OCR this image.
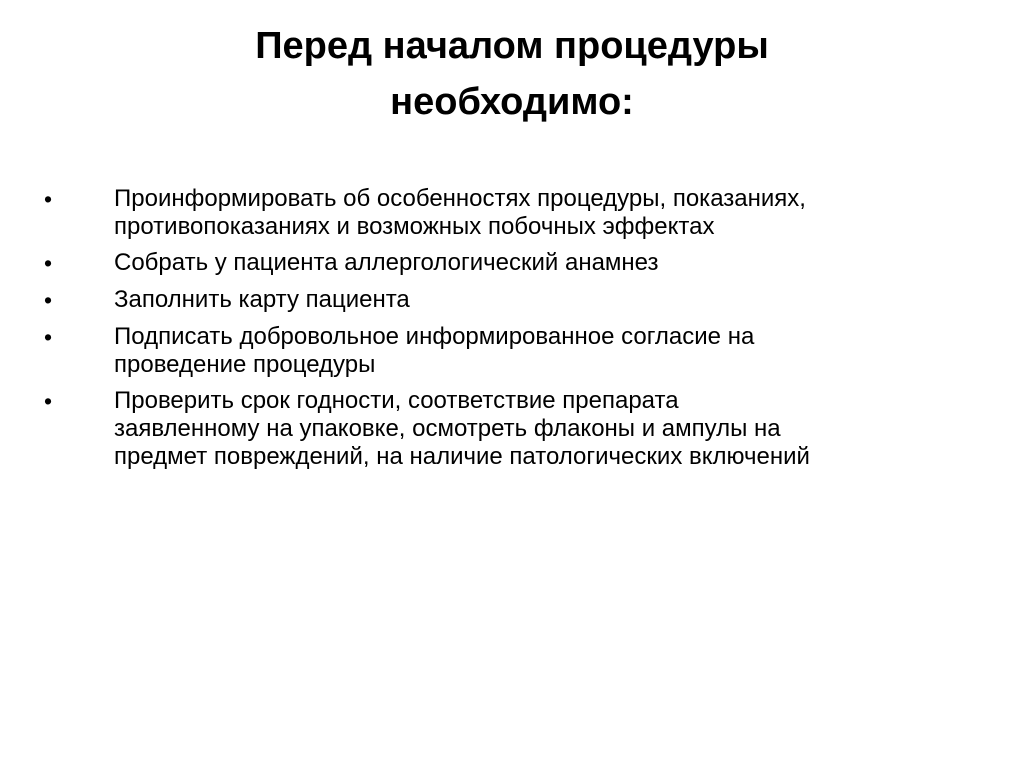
Перед началом процедуры
необходимо:
•	Проинформировать об особенностях процедуры, показаниях,
противопоказаниях и возможных побочных эффектах
•	Собрать у пациента аллергологический анамнез
•	Заполнить карту пациента
•	Подписать добровольное информированное согласие на
проведение процедуры
•	Проверить срок годности, соответствие препарата
заявленному на упаковке, осмотреть флаконы и ампулы на
предмет повреждений, на наличие патологических включений
